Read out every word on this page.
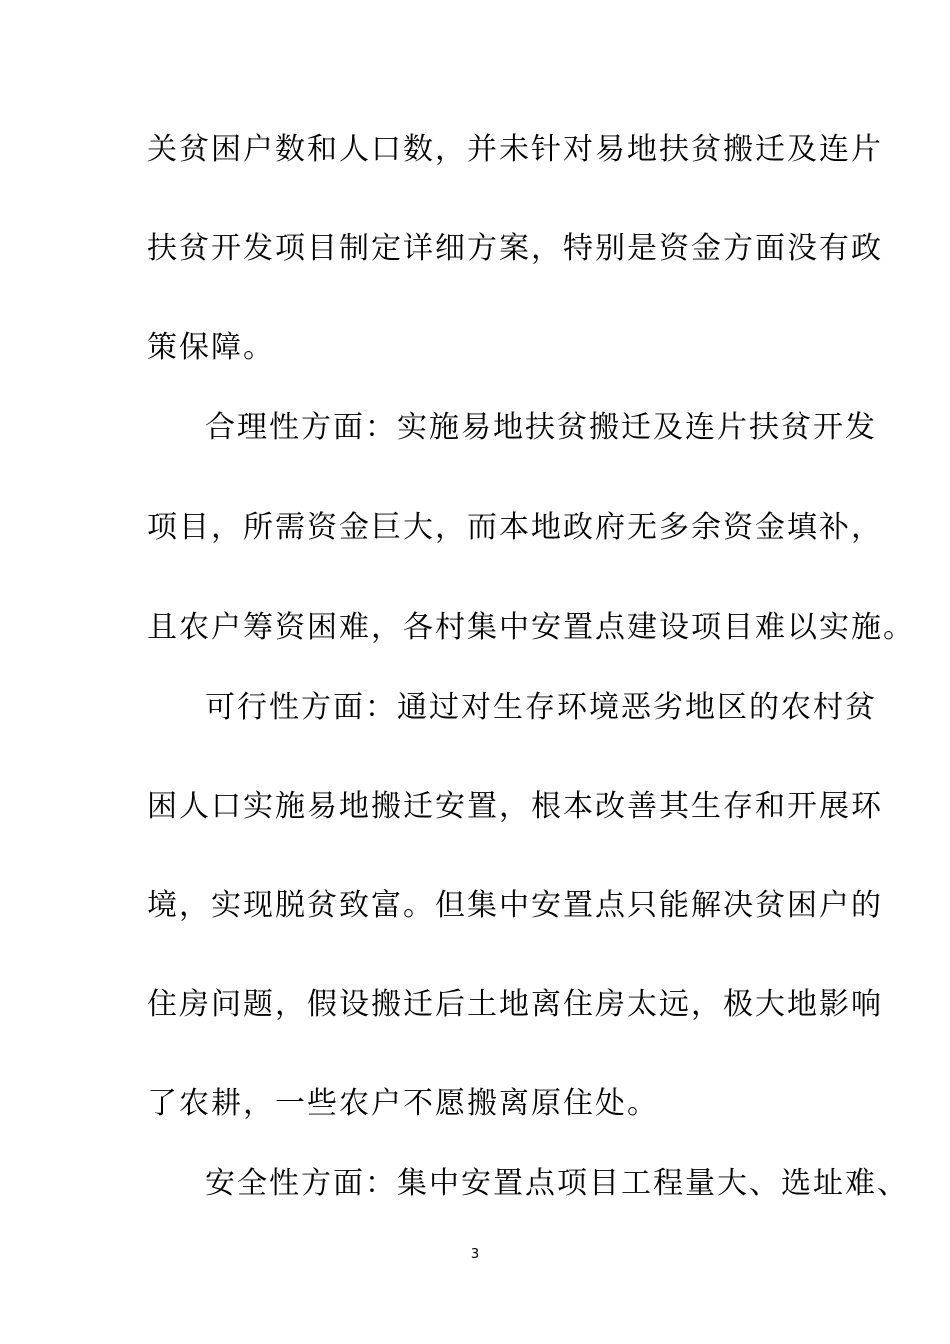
关贫困户数和人口数，并未针对易地扶贫搬迁及连片
扶贫开发项目制定详细方案，特别是资金方面没有政
策保障。
合理性方面：实施易地扶贫搬迁及连片扶贫开发
项目，所需资金巨大，而本地政府无多余资金填补，
且农户筹资困难，各村集中安置点建设项目难以实施。
可行性方面：通过对生存环境恶劣地区的农村贫
困人口实施易地搬迁安置，根本改善其生存和开展环
境，实现脱贫致富。但集中安置点只能解决贫困户的
住房问题，假设搬迁后土地离住房太远，极大地影响
了农耕，一些农户不愿搬离原住处。
安全性方面：集中安置点项目工程量大、选址难、
3
